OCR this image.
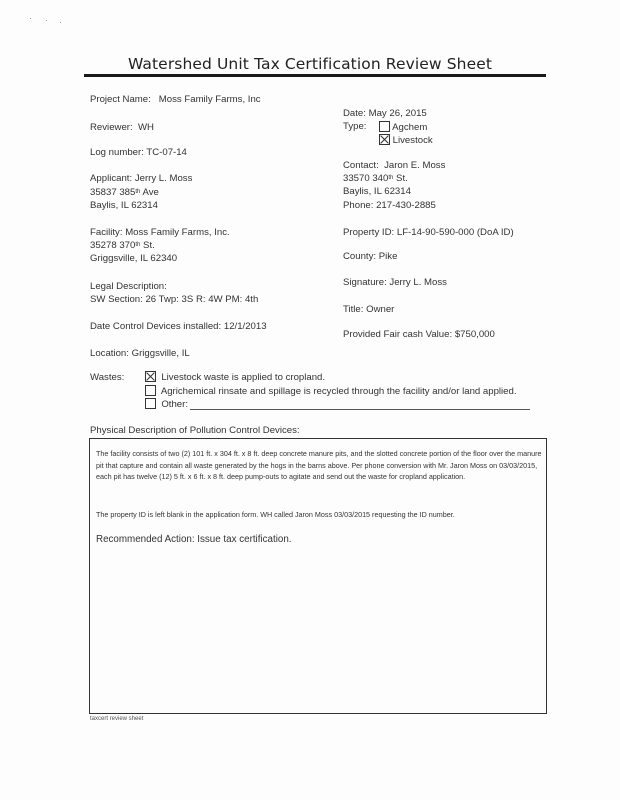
Watershed Unit Tax Certification Review Sheet
Project Name: Moss Family Farms, Inc
Reviewer: WH
Log number: TC-07-14
Applicant: Jerry L. Moss
35837 385th Ave
Baylis, IL 62314
Facility: Moss Family Farms, Inc.
35278 370th St.
Griggsville, IL 62340
Legal Description:
SW Section: 26 Twp: 3S R: 4W PM: 4th
Date Control Devices installed: 12/1/2013
Location: Griggsville, IL
Date: May 26, 2015
Type:	Agchem
Livestock
Contact: Jaron E. Moss
33570 340th St.
Baylis, IL 62314
Phone: 217-430-2885
Property ID: LF-14-90-590-000 (DoA ID)
County: Pike
Signature: Jerry L. Moss
Title: Owner
Provided Fair cash Value: $750,000
Wastes:	Livestock waste is applied to cropland.
Agrichemical rinsate and spillage is recycled through the facility and/or land applied.
Other:
Physical Description of Pollution Control Devices:
The facility consists of two (2) 101 ft. x 304 ft. x 8 ft. deep concrete manure pits, and the slotted concrete portion of the floor over the manure pit that capture and contain all waste generated by the hogs in the barns above. Per phone conversion with Mr. Jaron Moss on 03/03/2015, each pit has twelve (12) 5 ft. x 6 ft. x 8 ft. deep pump-outs to agitate and send out the waste for cropland application.
The property ID is left blank in the application form. WH called Jaron Moss 03/03/2015 requesting the ID number.
Recommended Action: Issue tax certification.
taxcert review sheet
